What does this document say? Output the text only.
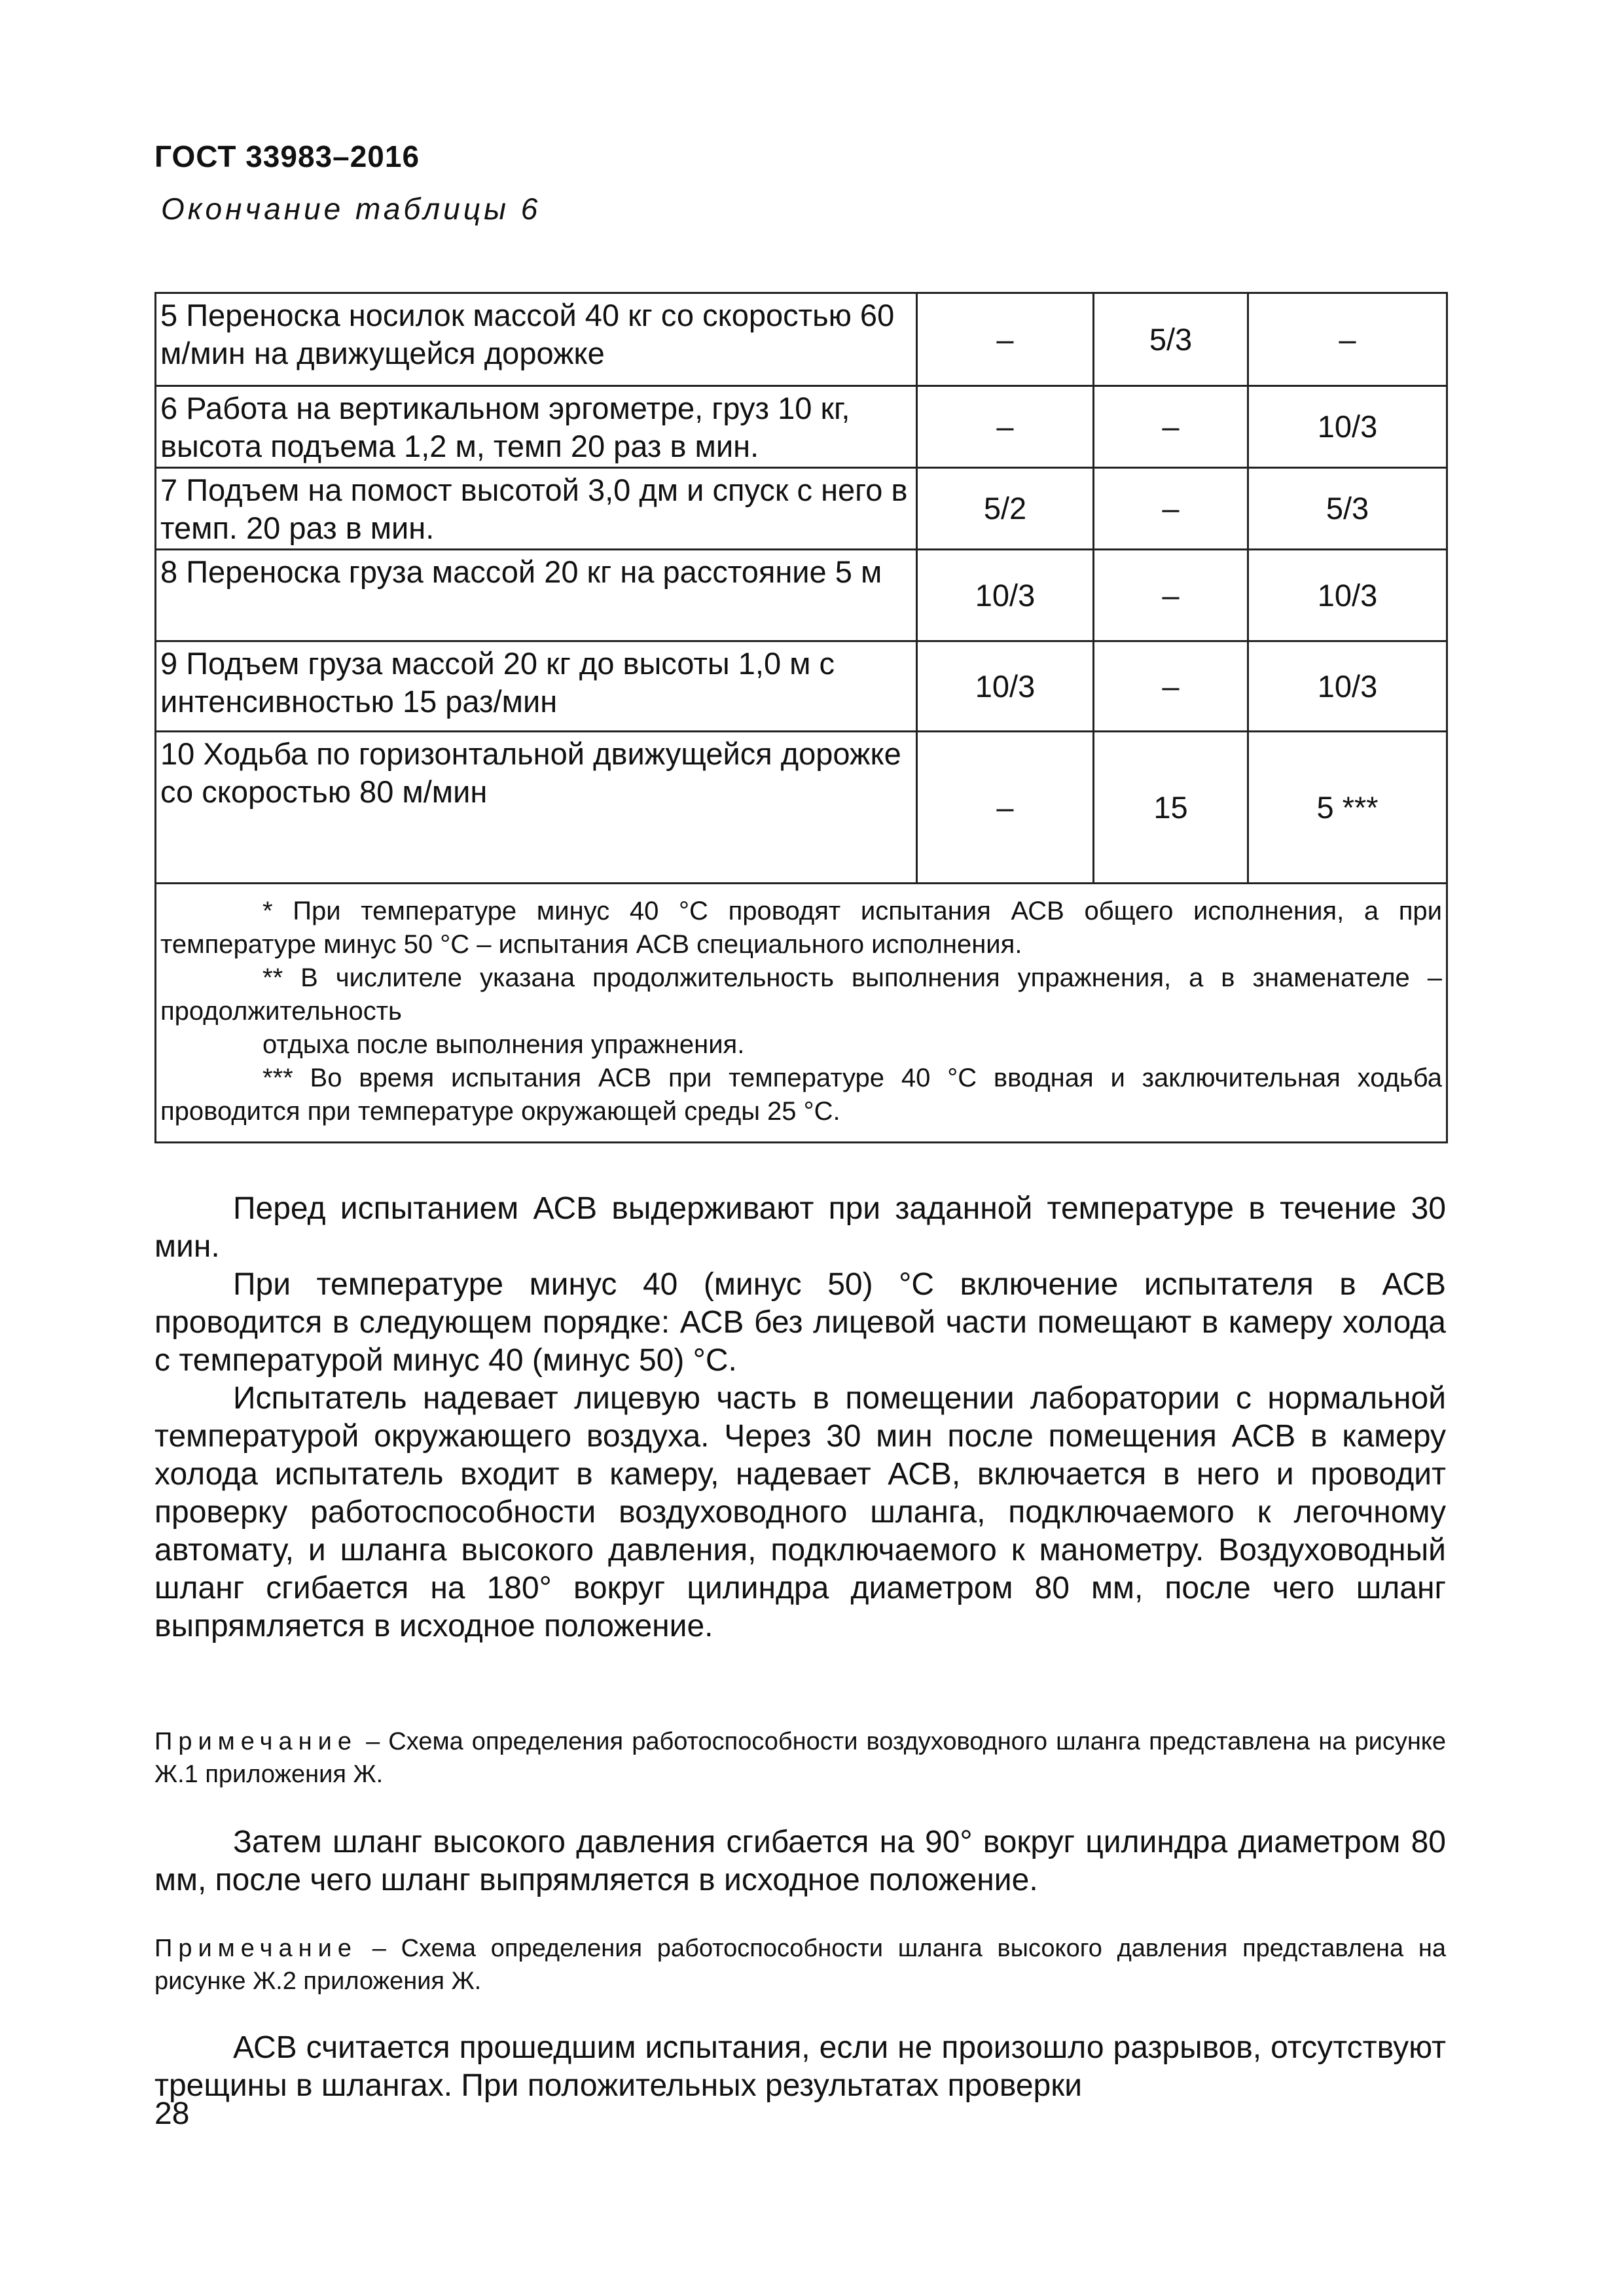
ГОСТ 33983–2016
Окончание таблицы 6
5 Переноска носилок массой 40 кг со скоростью 60 м/мин на движущейся дорожке	–	5/3	–
6 Работа на вертикальном эргометре, груз 10 кг, высота подъема 1,2 м, темп 20 раз в мин.	–	–	10/3
7 Подъем на помост высотой 3,0 дм и спуск с него в темп. 20 раз в мин.	5/2	–	5/3
8 Переноска груза массой 20 кг на расстояние 5 м	10/3	–	10/3
9 Подъем груза массой 20 кг до высоты 1,0 м с интенсивностью 15 раз/мин	10/3	–	10/3
10 Ходьба по горизонтальной движущейся дорожке со скоростью 80 м/мин	–	15	5 ***

* При температуре минус 40 °С проводят испытания АСВ общего исполнения, а при температуре минус 50 °С – испытания АСВ специального исполнения.
** В числителе указана продолжительность выполнения упражнения, а в знаменателе – продолжительность
отдыха после выполнения упражнения.
*** Во время испытания АСВ при температуре 40 °С вводная и заключительная ходьба проводится при температуре окружающей среды 25 °С.			

Перед испытанием АСВ выдерживают при заданной температуре в течение 30 мин.

При температуре минус 40 (минус 50) °С включение испытателя в АСВ проводится в следующем порядке: АСВ без лицевой части помещают в камеру холода с температурой минус 40 (минус 50) °С.

Испытатель надевает лицевую часть в помещении лаборатории с нормальной температурой окружающего воздуха. Через 30 мин после помещения АСВ в камеру холода испытатель входит в камеру, надевает АСВ, включается в него и проводит проверку работоспособности воздуховодного шланга, подключаемого к легочному автомату, и шланга высокого давления, подключаемого к манометру. Воздуховодный шланг сгибается на 180° вокруг цилиндра диаметром 80 мм, после чего шланг выпрямляется в исходное положение.

Примечание – Схема определения работоспособности воздуховодного шланга представлена на рисунке Ж.1 приложения Ж.

Затем шланг высокого давления сгибается на 90° вокруг цилиндра диаметром 80 мм, после чего шланг выпрямляется в исходное положение.

Примечание – Схема определения работоспособности шланга высокого давления представлена на рисунке Ж.2 приложения Ж.

АСВ считается прошедшим испытания, если не произошло разрывов, отсутствуют трещины в шлангах. При положительных результатах проверки

28
